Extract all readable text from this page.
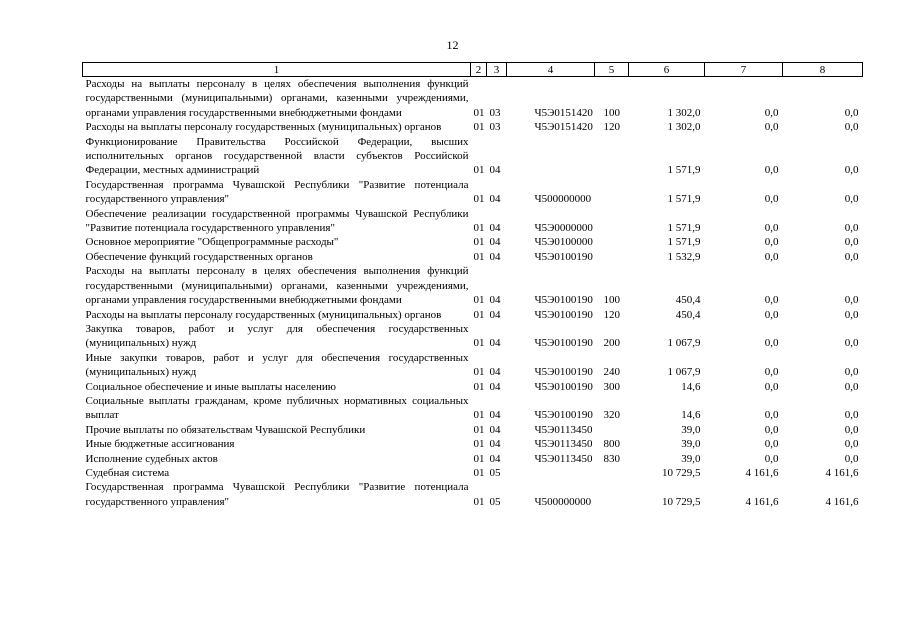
12
1	2	3	4	5	6	7	8
Расходы на выплаты персоналу в целях обеспечения выполнения функций государственными (муниципальными) органами, казенными учреждениями, органами управления государственными внебюджетными фондами	01	03	Ч5Э0151420	100	1 302,0	0,0	0,0
Расходы на выплаты персоналу государственных (муниципальных) органов	01	03	Ч5Э0151420	120	1 302,0	0,0	0,0
Функционирование Правительства Российской Федерации, высших исполнительных органов государственной власти субъектов Российской Федерации, местных администраций	01	04			1 571,9	0,0	0,0
Государственная программа Чувашской Республики "Развитие потенциала государственного управления"	01	04	Ч500000000		1 571,9	0,0	0,0
Обеспечение реализации государственной программы Чувашской Республики "Развитие потенциала государственного управления"	01	04	Ч5Э0000000		1 571,9	0,0	0,0
Основное мероприятие "Общепрограммные расходы"	01	04	Ч5Э0100000		1 571,9	0,0	0,0
Обеспечение функций государственных органов	01	04	Ч5Э0100190		1 532,9	0,0	0,0
Расходы на выплаты персоналу в целях обеспечения выполнения функций государственными (муниципальными) органами, казенными учреждениями, органами управления государственными внебюджетными фондами	01	04	Ч5Э0100190	100	450,4	0,0	0,0
Расходы на выплаты персоналу государственных (муниципальных) органов	01	04	Ч5Э0100190	120	450,4	0,0	0,0
Закупка товаров, работ и услуг для обеспечения государственных (муниципальных) нужд	01	04	Ч5Э0100190	200	1 067,9	0,0	0,0
Иные закупки товаров, работ и услуг для обеспечения государственных (муниципальных) нужд	01	04	Ч5Э0100190	240	1 067,9	0,0	0,0
Социальное обеспечение и иные выплаты населению	01	04	Ч5Э0100190	300	14,6	0,0	0,0
Социальные выплаты гражданам, кроме публичных нормативных социальных выплат	01	04	Ч5Э0100190	320	14,6	0,0	0,0
Прочие выплаты по обязательствам Чувашской Республики	01	04	Ч5Э0113450		39,0	0,0	0,0
Иные бюджетные ассигнования	01	04	Ч5Э0113450	800	39,0	0,0	0,0
Исполнение судебных актов	01	04	Ч5Э0113450	830	39,0	0,0	0,0
Судебная система	01	05			10 729,5	4 161,6	4 161,6
Государственная программа Чувашской Республики "Развитие потенциала государственного управления"	01	05	Ч500000000		10 729,5	4 161,6	4 161,6
